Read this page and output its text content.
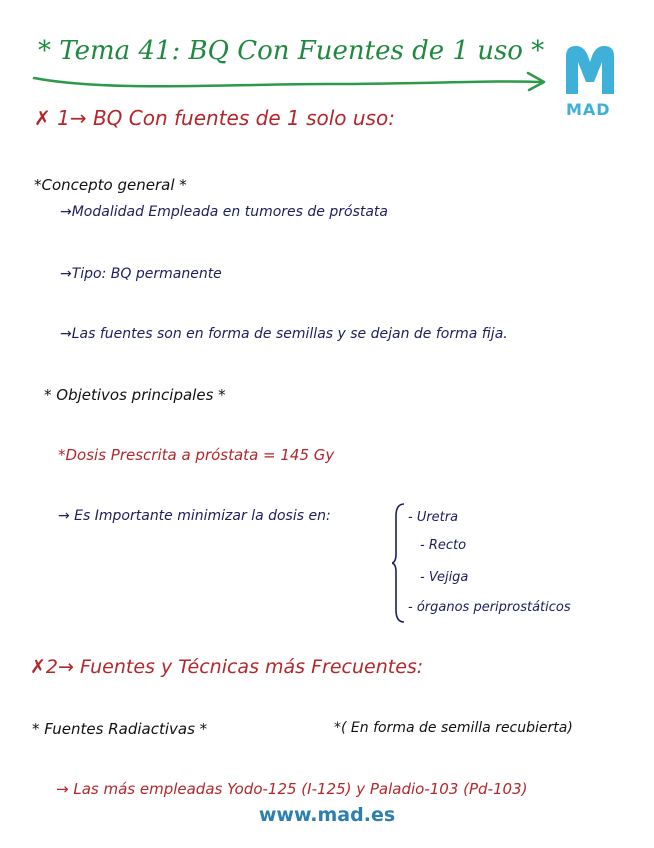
* Tema 41: BQ Con Fuentes de 1 uso *
MAD
✗ 1→ BQ Con fuentes de 1 solo uso:
*Concepto general *
→Modalidad Empleada en tumores de próstata
→Tipo: BQ permanente
→Las fuentes son en forma de semillas y se dejan de forma fija.
* Objetivos principales *
*Dosis Prescrita a próstata = 145 Gy
→ Es Importante minimizar la dosis en:	- Uretra
- Recto
- Vejiga
- órganos periprostáticos
✗2→ Fuentes y Técnicas más Frecuentes:
* Fuentes Radiactivas *	*( En forma de semilla recubierta)
→ Las más empleadas Yodo-125 (I-125) y Paladio-103 (Pd-103)
www.mad.es
